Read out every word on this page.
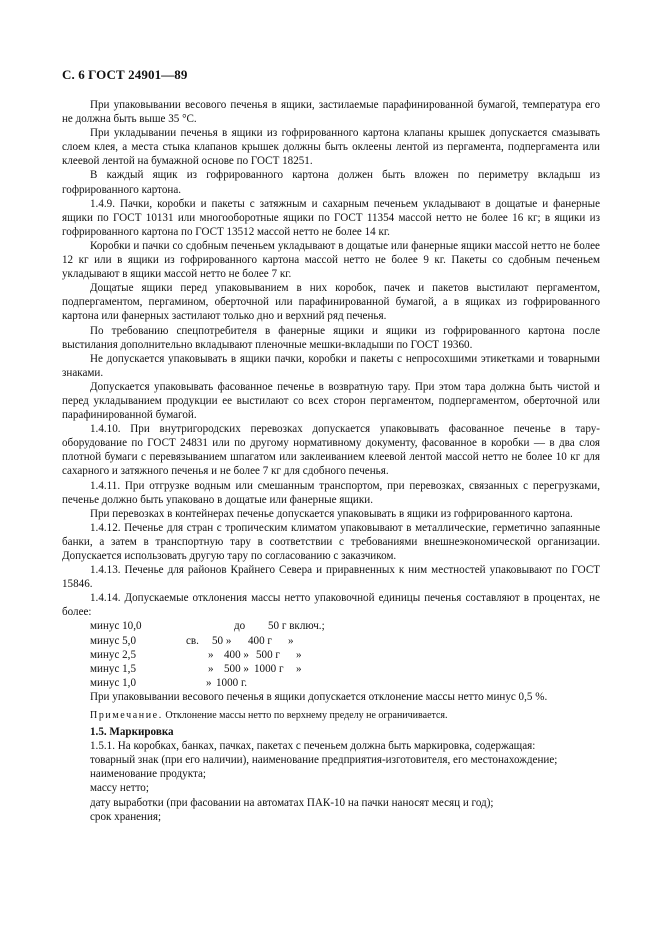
С. 6 ГОСТ 24901—89

При упаковывании весового печенья в ящики, застилаемые парафинированной бумагой, температура его не должна быть выше 35 °С.

При укладывании печенья в ящики из гофрированного картона клапаны крышек допускается смазывать слоем клея, а места стыка клапанов крышек должны быть оклеены лентой из пергамента, подпергамента или клеевой лентой на бумажной основе по ГОСТ 18251.

В каждый ящик из гофрированного картона должен быть вложен по периметру вкладыш из гофрированного картона.

1.4.9. Пачки, коробки и пакеты с затяжным и сахарным печеньем укладывают в дощатые и фанерные ящики по ГОСТ 10131 или многооборотные ящики по ГОСТ 11354 массой нетто не более 16 кг; в ящики из гофрированного картона по ГОСТ 13512 массой нетто не более 14 кг.

Коробки и пачки со сдобным печеньем укладывают в дощатые или фанерные ящики массой нетто не более 12 кг или в ящики из гофрированного картона массой нетто не более 9 кг. Пакеты со сдобным печеньем укладывают в ящики массой нетто не более 7 кг.

Дощатые ящики перед упаковыванием в них коробок, пачек и пакетов выстилают пергаментом, подпергаментом, пергамином, оберточной или парафинированной бумагой, а в ящиках из гофрированного картона или фанерных застилают только дно и верхний ряд печенья.

По требованию спецпотребителя в фанерные ящики и ящики из гофрированного картона после выстилания дополнительно вкладывают пленочные мешки-вкладыши по ГОСТ 19360.

Не допускается упаковывать в ящики пачки, коробки и пакеты с непросохшими этикетками и товарными знаками.

Допускается упаковывать фасованное печенье в возвратную тару. При этом тара должна быть чистой и перед укладыванием продукции ее выстилают со всех сторон пергаментом, подпергаментом, оберточной или парафинированной бумагой.

1.4.10. При внутригородских перевозках допускается упаковывать фасованное печенье в тару-оборудование по ГОСТ 24831 или по другому нормативному документу, фасованное в коробки — в два слоя плотной бумаги с перевязыванием шпагатом или заклеиванием клеевой лентой массой нетто не более 10 кг для сахарного и затяжного печенья и не более 7 кг для сдобного печенья.

1.4.11. При отгрузке водным или смешанным транспортом, при перевозках, связанных с перегрузками, печенье должно быть упаковано в дощатые или фанерные ящики.

При перевозках в контейнерах печенье допускается упаковывать в ящики из гофрированного картона.

1.4.12. Печенье для стран с тропическим климатом упаковывают в металлические, герметично запаянные банки, а затем в транспортную тару в соответствии с требованиями внешнеэкономической организации. Допускается использовать другую тару по согласованию с заказчиком.

1.4.13. Печенье для районов Крайнего Севера и приравненных к ним местностей упаковывают по ГОСТ 15846.

1.4.14. Допускаемые отклонения массы нетто упаковочной единицы печенья составляют в процентах, не более:

минус 10,0	до 50 г включ.;
минус 5,0	св. 50 » 400 г »
минус 2,5	» 400 » 500 г »
минус 1,5	» 500 » 1000 г »
минус 1,0	» 1000 г.

При упаковывании весового печенья в ящики допускается отклонение массы нетто минус 0,5 %.

Примечание. Отклонение массы нетто по верхнему пределу не ограничивается.

1.5. Маркировка

1.5.1. На коробках, банках, пачках, пакетах с печеньем должна быть маркировка, содержащая:

товарный знак (при его наличии), наименование предприятия-изготовителя, его местонахождение;

наименование продукта;

массу нетто;

дату выработки (при фасовании на автоматах ПАК-10 на пачки наносят месяц и год);

срок хранения;
